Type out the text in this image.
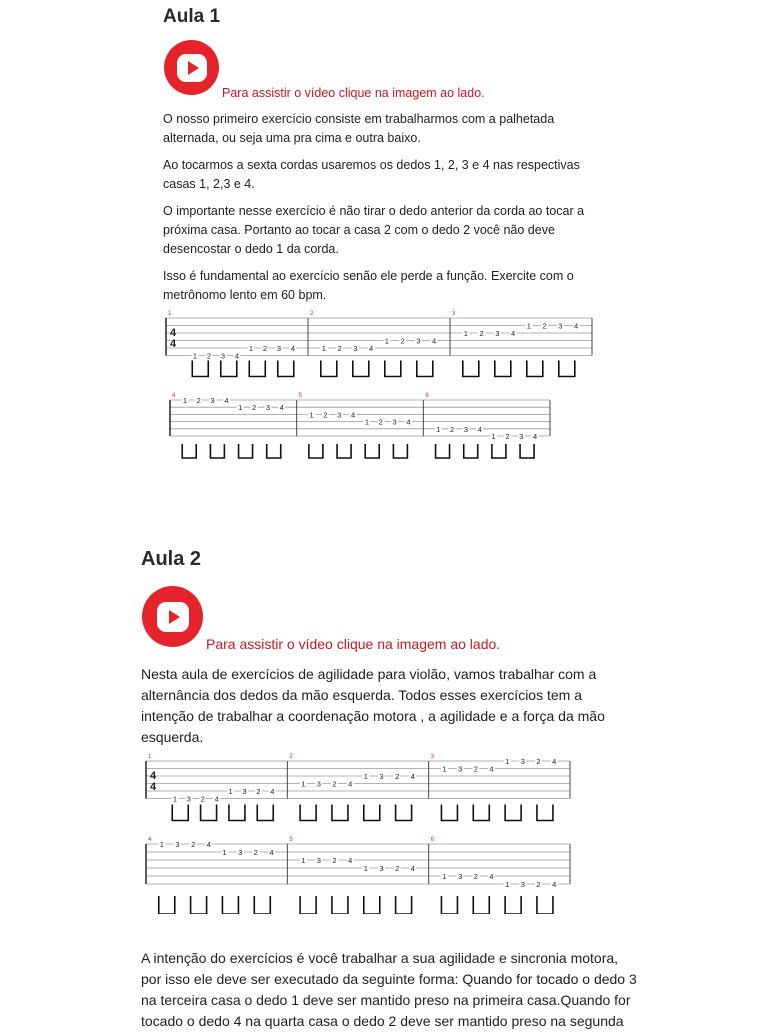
Aula 1
Para assistir o vídeo clique na imagem ao lado.

O nosso primeiro exercício consiste em trabalharmos com a palhetada
alternada, ou seja uma pra cima e outra baixo.

Ao tocarmos a sexta cordas usaremos os dedos 1, 2, 3 e 4 nas respectivas
casas 1, 2,3 e 4.

O importante nesse exercício é não tirar o dedo anterior da corda ao tocar a
próxima casa. Portanto ao tocar a casa 2 com o dedo 2 você não deve
desencostar o dedo 1 da corda.

Isso é fundamental ao exercício senão ele perde a função. Exercite com o
metrônomo lento em 60 bpm.

4
4
1
1 2 3 4
1 2 3 4
2
1 2 3 4
1 2 3 4
3
1 2 3 4
1 2 3 4
4 1 2 3 4
1 2 3 4
5
1 2 3 4
1 2 3 4
6
1 2 3 4
1 2 3 4
Aula 2
Para assistir o vídeo clique na imagem ao lado.

Nesta aula de exercícios de agilidade para violão, vamos trabalhar com a
alternância dos dedos da mão esquerda. Todos esses exercícios tem a
intenção de trabalhar a coordenação motora , a agilidade e a força da mão
esquerda.

4
4
1
1 3 2 4
1 3 2 4
2
1 3 2 4
1 3 2 4
3
1 3 2 4
1 3 2 4
4 1 3 2 4
1 3 2 4
5
1 3 2 4
1 3 2 4
6
1 3 2 4
1 3 2 4

A intenção do exercícios é você trabalhar a sua agilidade e sincronia motora,
por isso ele deve ser executado da seguinte forma: Quando for tocado o dedo 3
na terceira casa o dedo 1 deve ser mantido preso na primeira casa.Quando for
tocado o dedo 4 na quarta casa o dedo 2 deve ser mantido preso na segunda
